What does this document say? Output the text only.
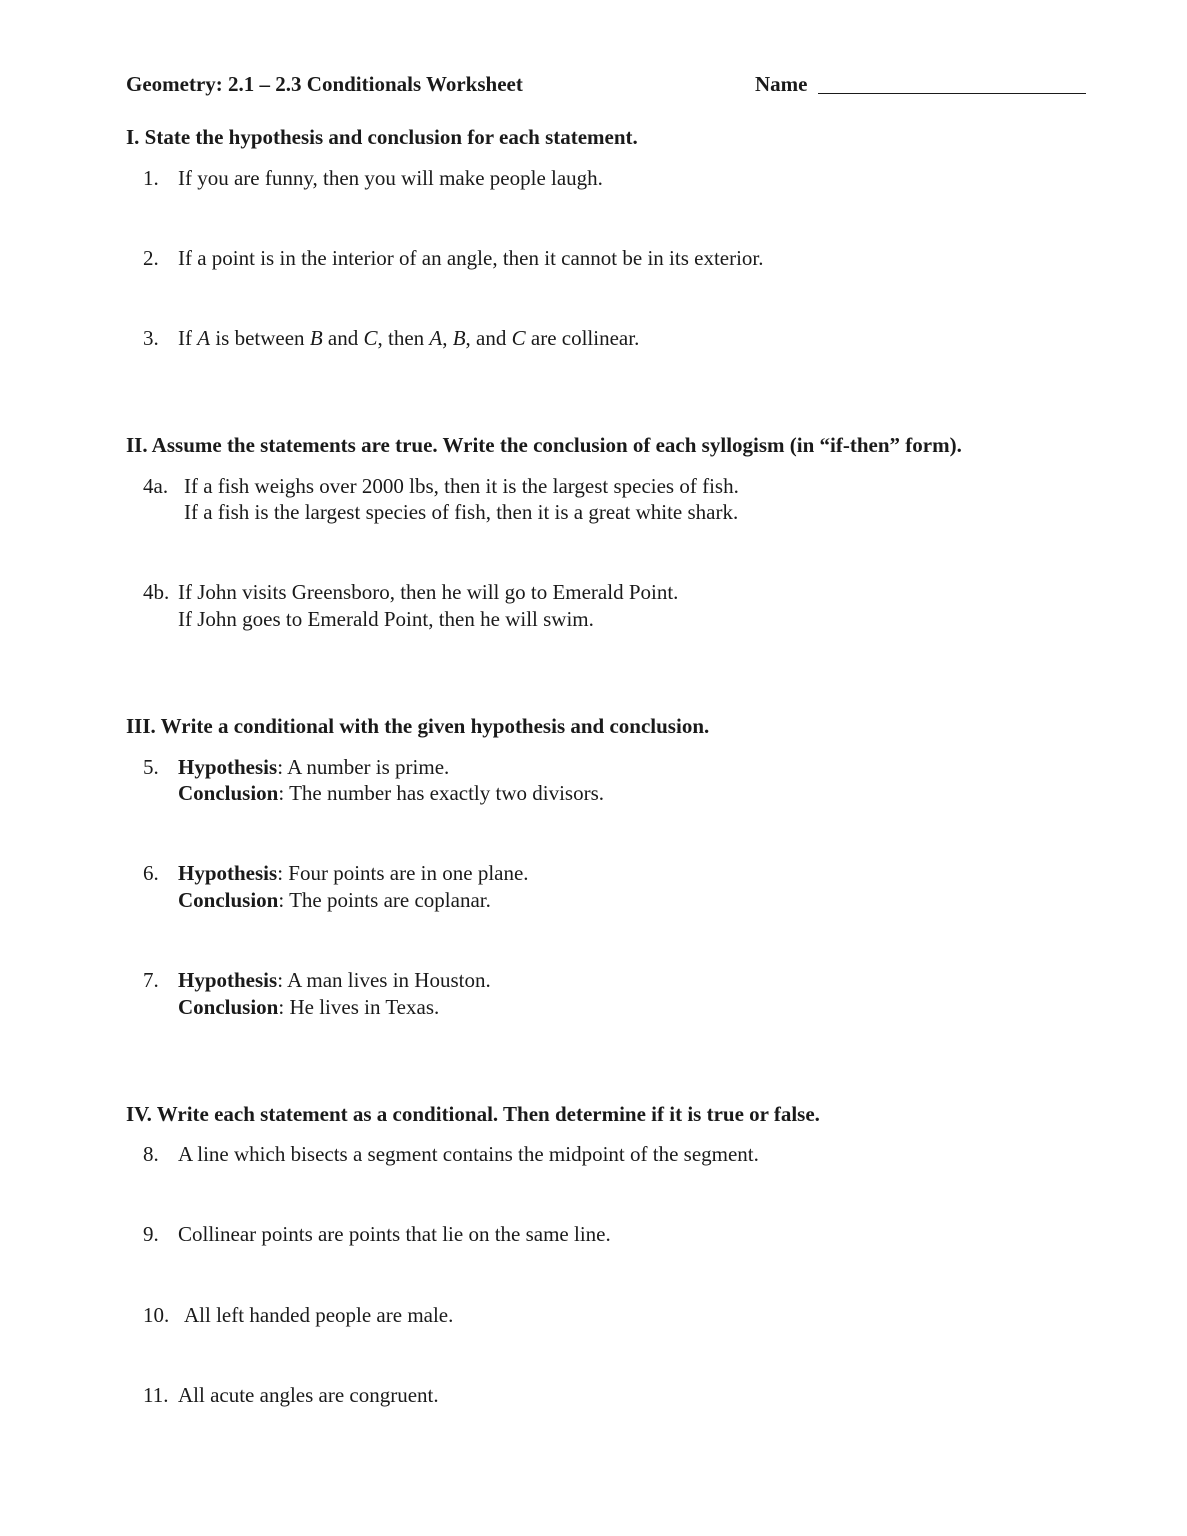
Geometry: 2.1 – 2.3 Conditionals Worksheet	Name
I. State the hypothesis and conclusion for each statement.
1. If you are funny, then you will make people laugh.
2. If a point is in the interior of an angle, then it cannot be in its exterior.
3. If A is between B and C, then A, B, and C are collinear.
II. Assume the statements are true. Write the conclusion of each syllogism (in “if-then” form).
4a. If a fish weighs over 2000 lbs, then it is the largest species of fish.
If a fish is the largest species of fish, then it is a great white shark.
4b. If John visits Greensboro, then he will go to Emerald Point.
If John goes to Emerald Point, then he will swim.
III. Write a conditional with the given hypothesis and conclusion.
5. Hypothesis: A number is prime.
Conclusion: The number has exactly two divisors.
6. Hypothesis: Four points are in one plane.
Conclusion: The points are coplanar.
7. Hypothesis: A man lives in Houston.
Conclusion: He lives in Texas.
IV. Write each statement as a conditional. Then determine if it is true or false.
8. A line which bisects a segment contains the midpoint of the segment.
9. Collinear points are points that lie on the same line.
10. All left handed people are male.
11. All acute angles are congruent.
